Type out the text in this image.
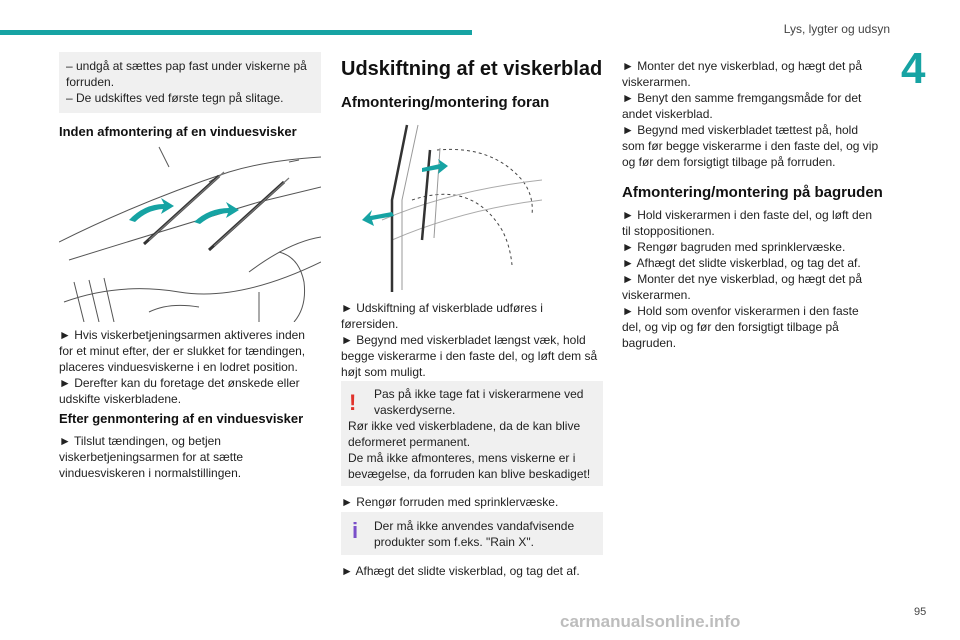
Lys, lygter og udsyn
4

– undgå at sættes pap fast under viskerne på

forruden.

– De udskiftes ved første tegn på slitage.

Inden afmontering af en vinduesvisker

► Hvis viskerbetjeningsarmen aktiveres inden

for et minut efter, der er slukket for tændingen,

placeres vinduesviskerne i en lodret position.

► Derefter kan du foretage det ønskede eller

udskifte viskerbladene.

Efter genmontering af en vinduesvisker

► Tilslut tændingen, og betjen

viskerbetjeningsarmen for at sætte

vinduesviskeren i normalstillingen.

Udskiftning af et viskerblad

Afmontering/montering foran

► Udskiftning af viskerblade udføres i

førersiden.

► Begynd med viskerbladet længst væk, hold

begge viskerarme i den faste del, og løft dem så

højt som muligt.

!	Pas på ikke tage fat i viskerarmene ved

vaskerdyserne.

Rør ikke ved viskerbladene, da de kan blive

deformeret permanent.

De må ikke afmonteres, mens viskerne er i

bevægelse, da forruden kan blive beskadiget!

► Rengør forruden med sprinklervæske.

i Der må ikke anvendes vandafvisende

produkter som f.eks. "Rain X".

► Afhægt det slidte viskerblad, og tag det af.

► Monter det nye viskerblad, og hægt det på

viskerarmen.

► Benyt den samme fremgangsmåde for det

andet viskerblad.

► Begynd med viskerbladet tættest på, hold

som før begge viskerarme i den faste del, og vip

og før dem forsigtigt tilbage på forruden.

Afmontering/montering på bagruden

► Hold viskerarmen i den faste del, og løft den

til stoppositionen.

► Rengør bagruden med sprinklervæske.

► Afhægt det slidte viskerblad, og tag det af.

► Monter det nye viskerblad, og hægt det på

viskerarmen.

► Hold som ovenfor viskerarmen i den faste

del, og vip og før den forsigtigt tilbage på

bagruden.

95
carmanualsonline.info
